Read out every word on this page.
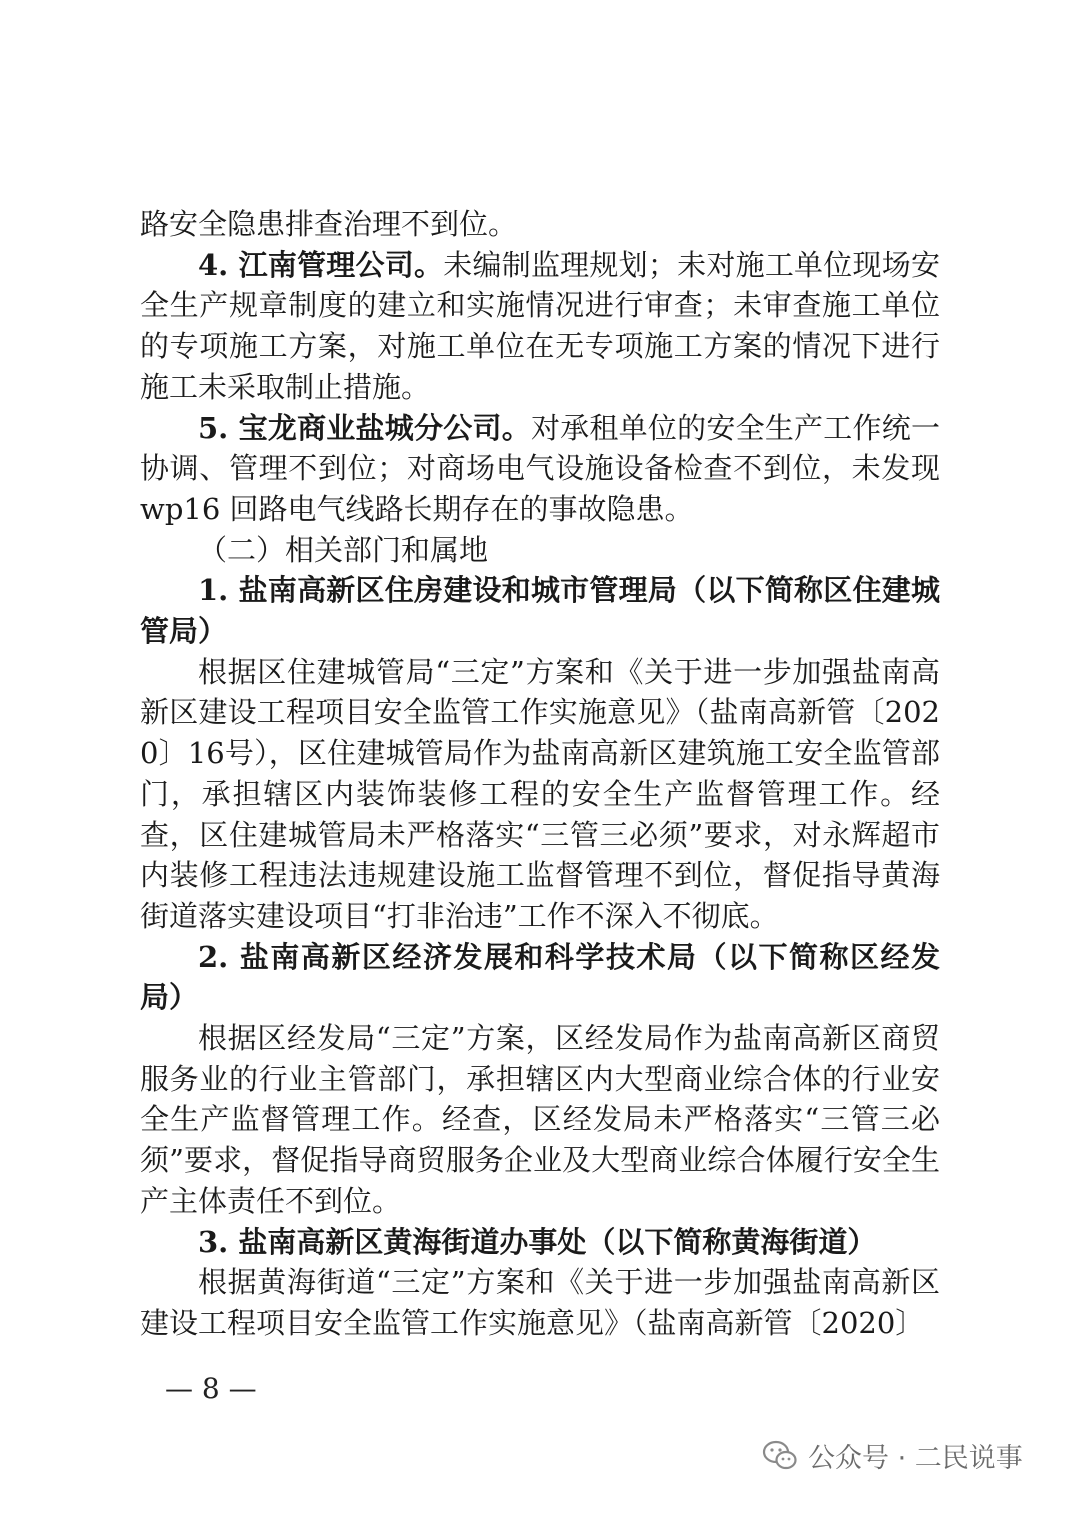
路安全隐患排查治理不到位。

4. 江南管理公司。未编制监理规划；未对施工单位现场安全生产规章制度的建立和实施情况进行审查；未审查施工单位的专项施工方案，对施工单位在无专项施工方案的情况下进行施工未采取制止措施。

5. 宝龙商业盐城分公司。对承租单位的安全生产工作统一协调、管理不到位；对商场电气设施设备检查不到位，未发现wp16 回路电气线路长期存在的事故隐患。

（二）相关部门和属地

1. 盐南高新区住房建设和城市管理局（以下简称区住建城管局）

根据区住建城管局“三定”方案和《关于进一步加强盐南高新区建设工程项目安全监管工作实施意见》（盐南高新管〔2020〕16号），区住建城管局作为盐南高新区建筑施工安全监管部门，承担辖区内装饰装修工程的安全生产监督管理工作。经查，区住建城管局未严格落实“三管三必须”要求，对永辉超市内装修工程违法违规建设施工监督管理不到位，督促指导黄海街道落实建设项目“打非治违”工作不深入不彻底。

2. 盐南高新区经济发展和科学技术局（以下简称区经发局）

根据区经发局“三定”方案，区经发局作为盐南高新区商贸服务业的行业主管部门，承担辖区内大型商业综合体的行业安全生产监督管理工作。经查，区经发局未严格落实“三管三必须”要求，督促指导商贸服务企业及大型商业综合体履行安全生产主体责任不到位。

3. 盐南高新区黄海街道办事处（以下简称黄海街道）

根据黄海街道“三定”方案和《关于进一步加强盐南高新区建设工程项目安全监管工作实施意见》（盐南高新管〔2020〕

— 8 —
公众号 · 二民说事
